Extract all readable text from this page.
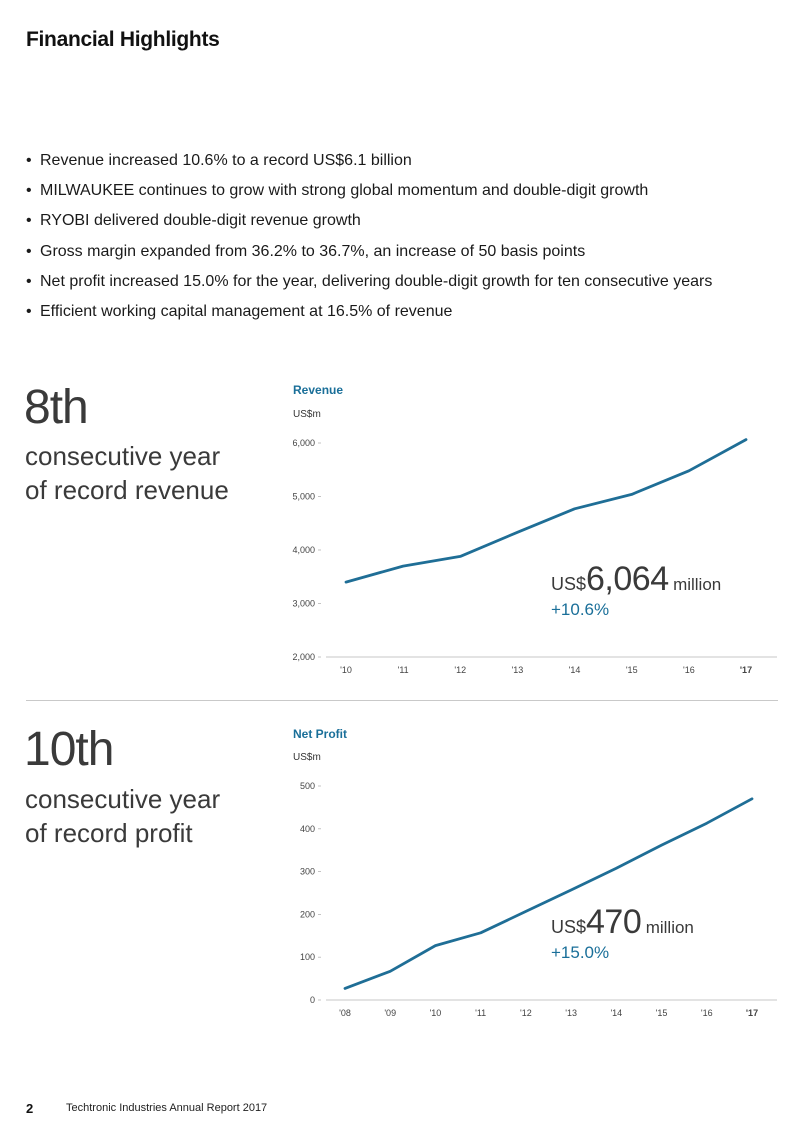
Financial Highlights
• Revenue increased 10.6% to a record US$6.1 billion
• MILWAUKEE continues to grow with strong global momentum and double-digit growth
• RYOBI delivered double-digit revenue growth
• Gross margin expanded from 36.2% to 36.7%, an increase of 50 basis points
• Net profit increased 15.0% for the year, delivering double-digit growth for ten consecutive years
• Efficient working capital management at 16.5% of revenue
8th
consecutive year
of record revenue
Revenue
US$m
2,000
3,000
4,000
5,000
6,000
'10	'11	'12	'13	'14	'15	'16	'17
US$6,064 million
+10.6%
10th
consecutive year
of record profit
Net Profit
US$m
0
100
200
300
400
500
'08	'09	'10	'11	'12	'13	'14	'15	'16	'17
US$470 million
+15.0%
2	Techtronic Industries Annual Report 2017
